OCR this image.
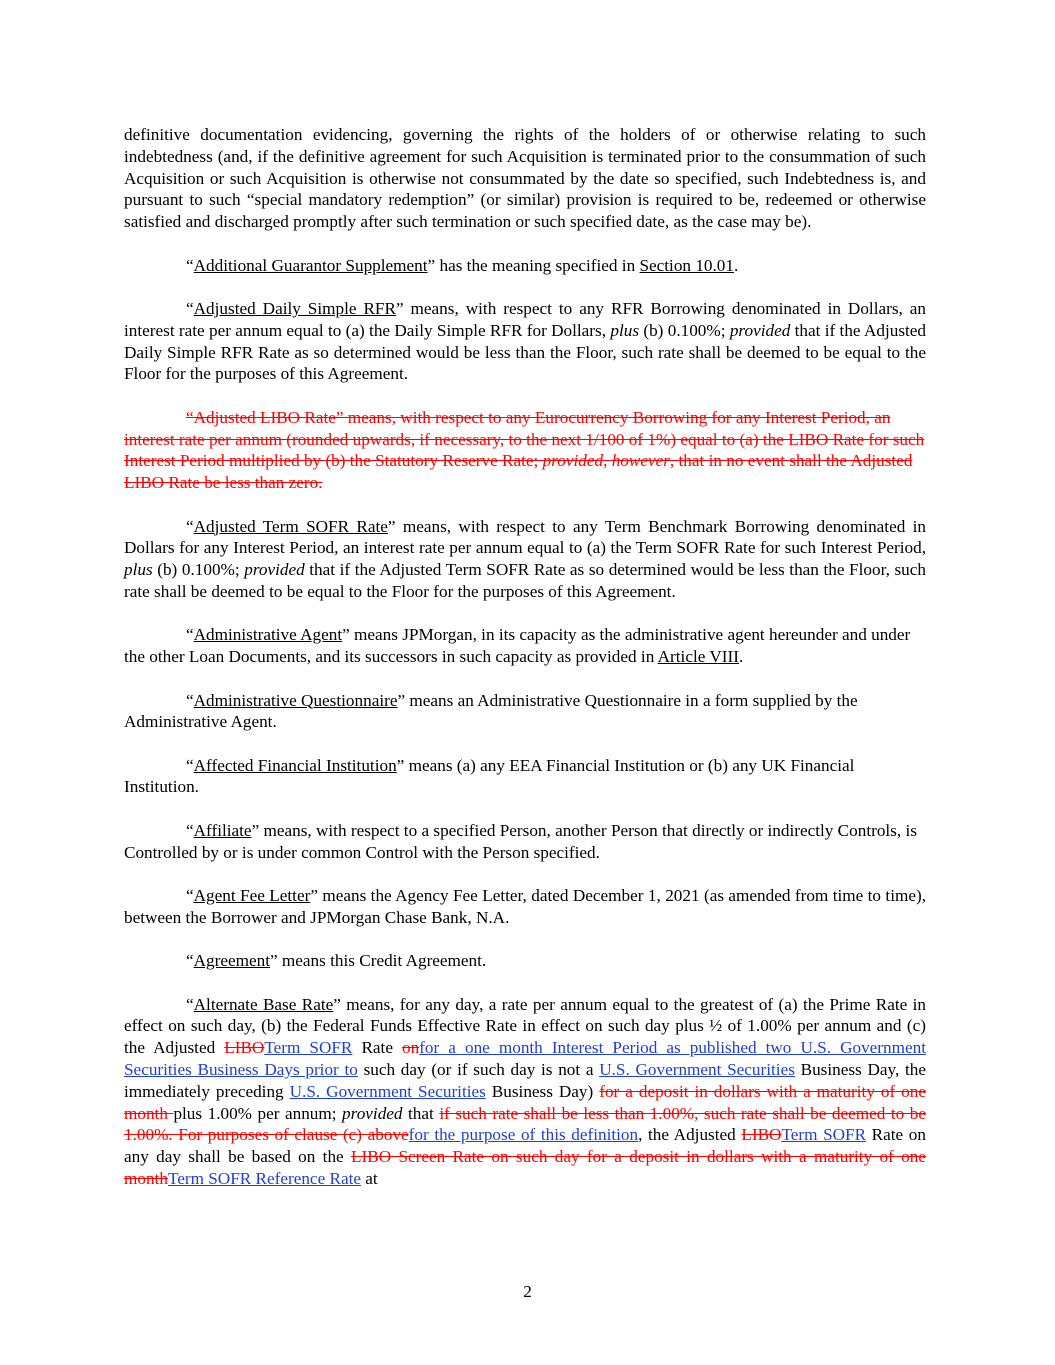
definitive documentation evidencing, governing the rights of the holders of or otherwise relating to such indebtedness (and, if the definitive agreement for such Acquisition is terminated prior to the consummation of such Acquisition or such Acquisition is otherwise not consummated by the date so specified, such Indebtedness is, and pursuant to such “special mandatory redemption” (or similar) provision is required to be, redeemed or otherwise satisfied and discharged promptly after such termination or such specified date, as the case may be).

“Additional Guarantor Supplement” has the meaning specified in Section 10.01.

“Adjusted Daily Simple RFR” means, with respect to any RFR Borrowing denominated in Dollars, an interest rate per annum equal to (a) the Daily Simple RFR for Dollars, plus (b) 0.100%; provided that if the Adjusted Daily Simple RFR Rate as so determined would be less than the Floor, such rate shall be deemed to be equal to the Floor for the purposes of this Agreement.

“Adjusted LIBO Rate” means, with respect to any Eurocurrency Borrowing for any Interest Period, an interest rate per annum (rounded upwards, if necessary, to the next 1/100 of 1%) equal to (a) the LIBO Rate for such Interest Period multiplied by (b) the Statutory Reserve Rate; provided, however, that in no event shall the Adjusted LIBO Rate be less than zero.

“Adjusted Term SOFR Rate” means, with respect to any Term Benchmark Borrowing denominated in Dollars for any Interest Period, an interest rate per annum equal to (a) the Term SOFR Rate for such Interest Period, plus (b) 0.100%; provided that if the Adjusted Term SOFR Rate as so determined would be less than the Floor, such rate shall be deemed to be equal to the Floor for the purposes of this Agreement.

“Administrative Agent” means JPMorgan, in its capacity as the administrative agent hereunder and under the other Loan Documents, and its successors in such capacity as provided in Article VIII.

“Administrative Questionnaire” means an Administrative Questionnaire in a form supplied by the Administrative Agent.

“Affected Financial Institution” means (a) any EEA Financial Institution or (b) any UK Financial Institution.

“Affiliate” means, with respect to a specified Person, another Person that directly or indirectly Controls, is Controlled by or is under common Control with the Person specified.

“Agent Fee Letter” means the Agency Fee Letter, dated December 1, 2021 (as amended from time to time), between the Borrower and JPMorgan Chase Bank, N.A.

“Agreement” means this Credit Agreement.

“Alternate Base Rate” means, for any day, a rate per annum equal to the greatest of (a) the Prime Rate in effect on such day, (b) the Federal Funds Effective Rate in effect on such day plus ½ of 1.00% per annum and (c) the Adjusted LIBOTerm SOFR Rate onfor a one month Interest Period as published two U.S. Government Securities Business Days prior to such day (or if such day is not a U.S. Government Securities Business Day, the immediately preceding U.S. Government Securities Business Day) for a deposit in dollars with a maturity of one month plus 1.00% per annum; provided that if such rate shall be less than 1.00%, such rate shall be deemed to be 1.00%. For purposes of clause (c) abovefor the purpose of this definition, the Adjusted LIBOTerm SOFR Rate on any day shall be based on the LIBO Screen Rate on such day for a deposit in dollars with a maturity of one monthTerm SOFR Reference Rate at

2
